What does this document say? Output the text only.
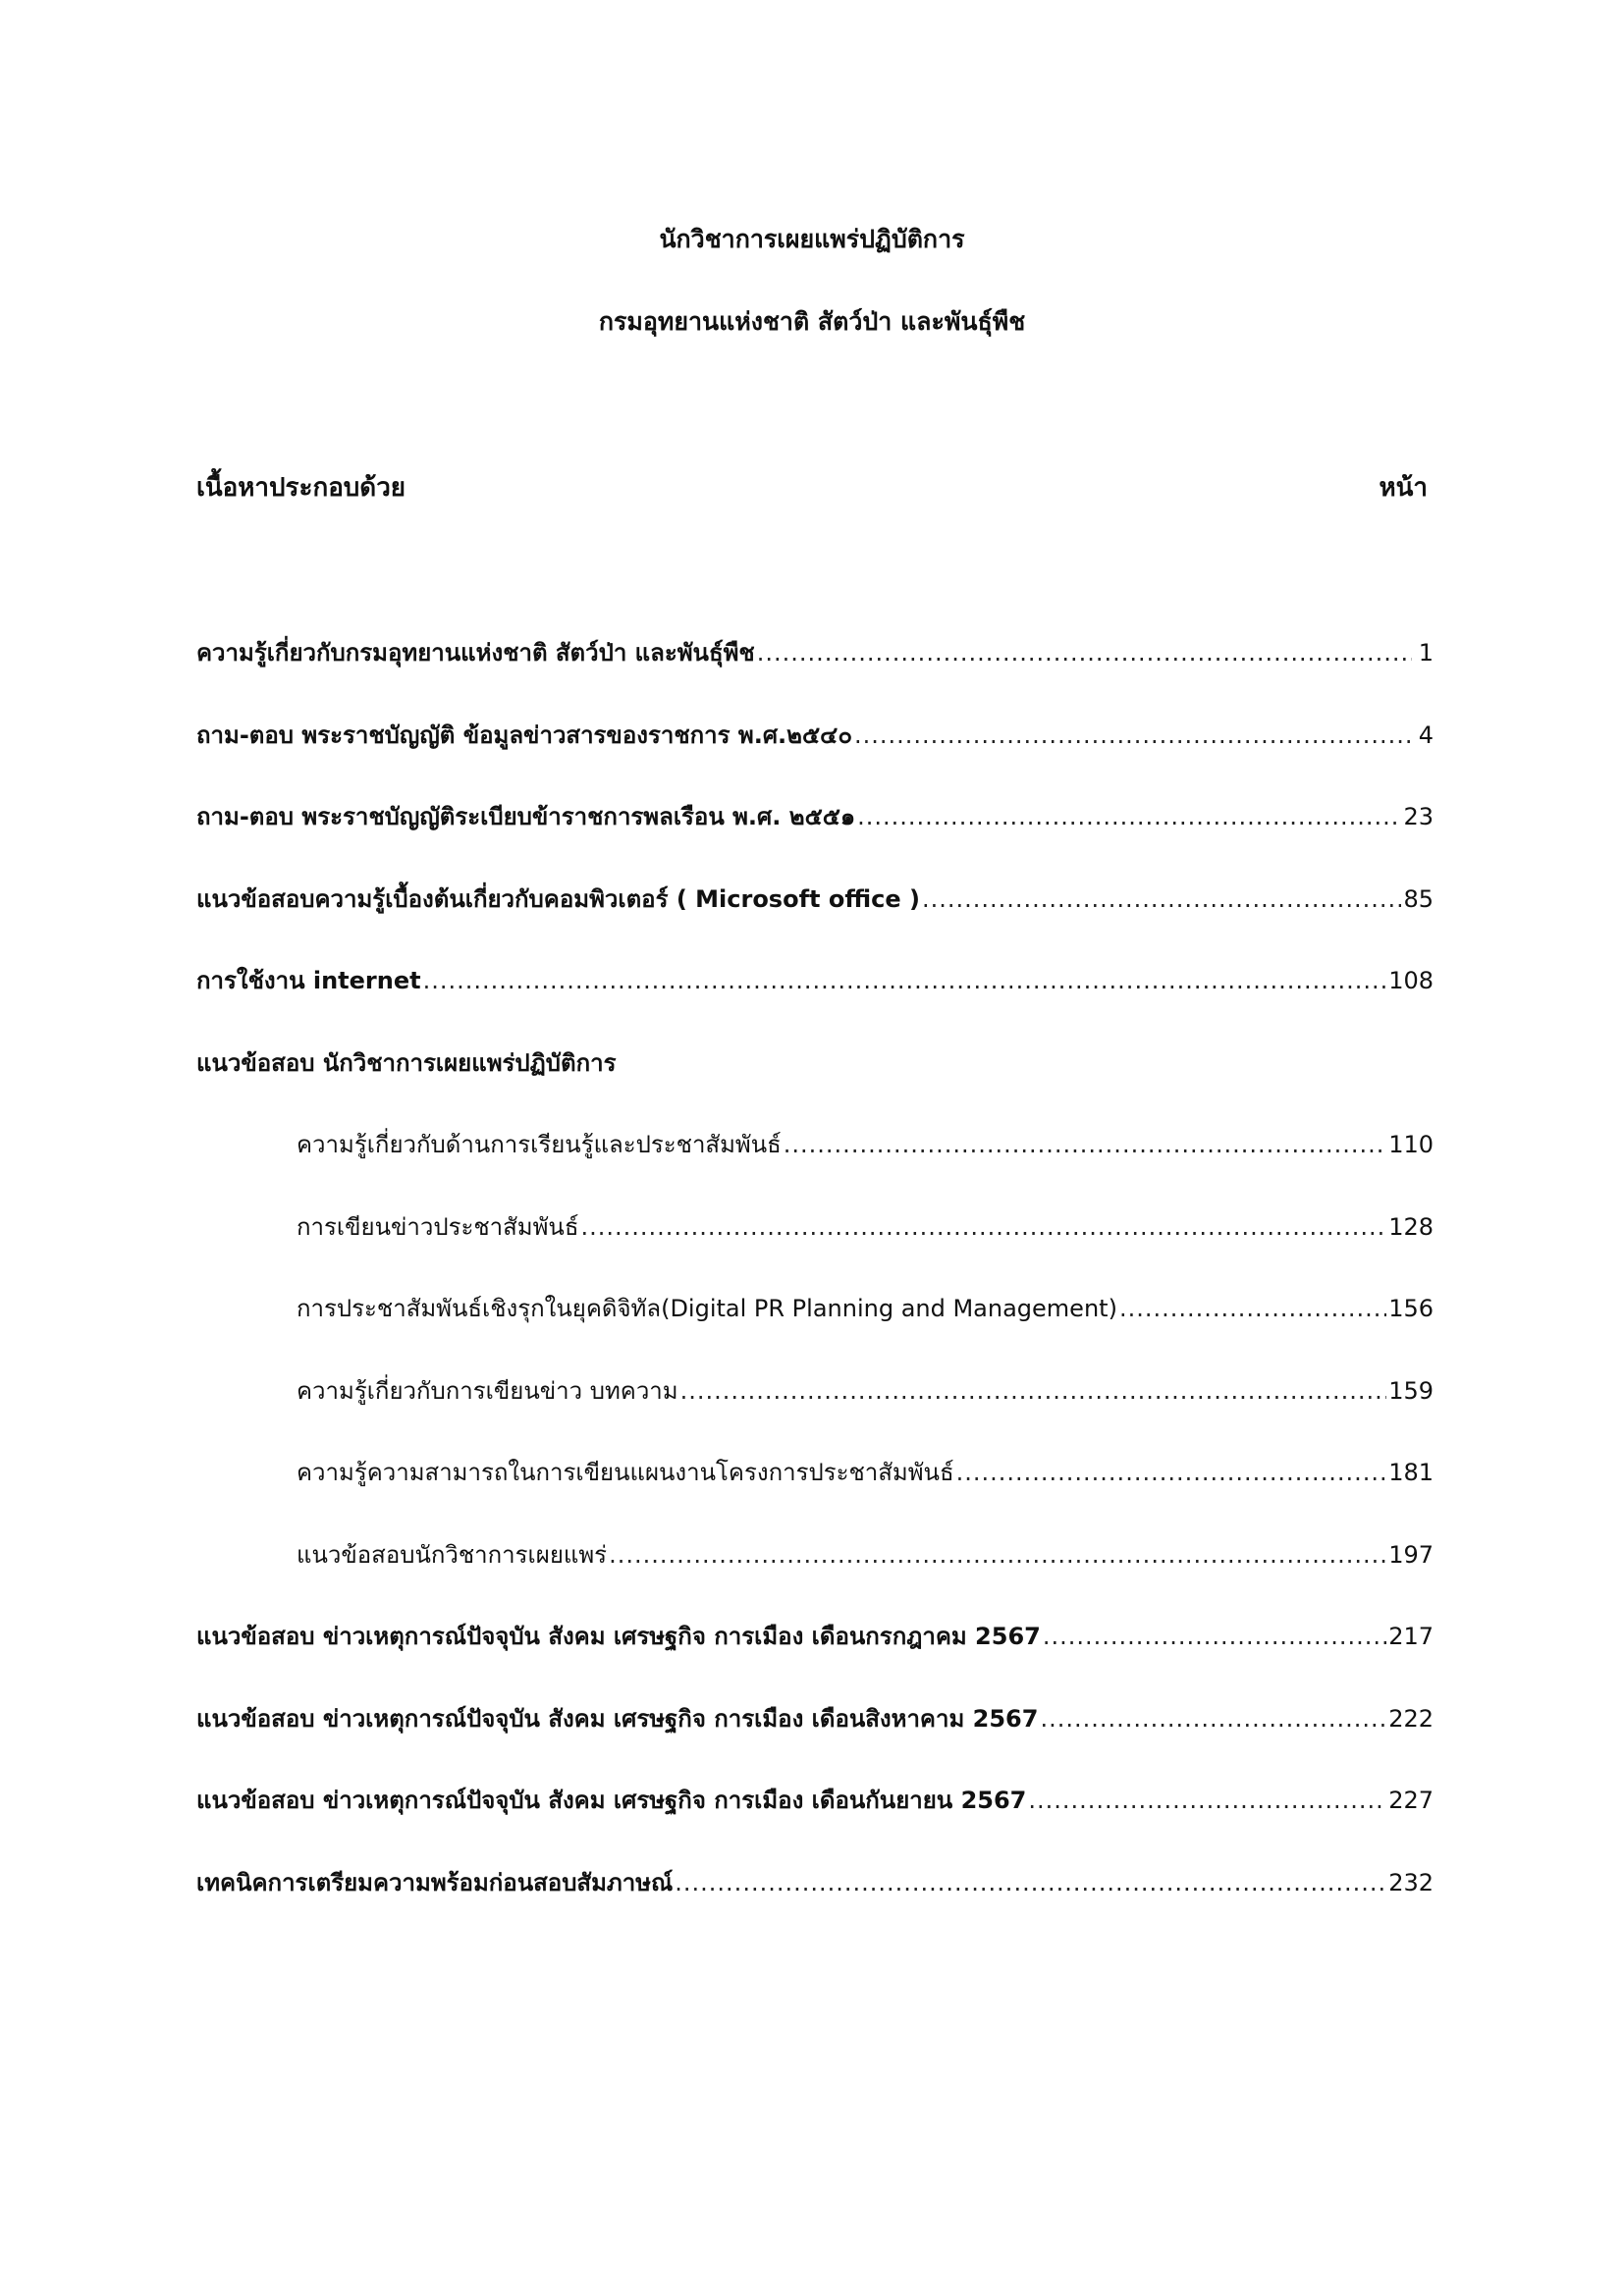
นักวิชาการเผยแพร่ปฏิบัติการ
กรมอุทยานแห่งชาติ สัตว์ป่า และพันธุ์พืช
เนื้อหาประกอบด้วย	หน้า
ความรู้เกี่ยวกับกรมอุทยานแห่งชาติ สัตว์ป่า และพันธุ์พืช .....	1
ถาม-ตอบ พระราชบัญญัติ ข้อมูลข่าวสารของราชการ พ.ศ.๒๕๔๐ .....	4
ถาม-ตอบ พระราชบัญญัติระเบียบข้าราชการพลเรือน พ.ศ. ๒๕๕๑ .....	23
แนวข้อสอบความรู้เบื้องต้นเกี่ยวกับคอมพิวเตอร์ ( Microsoft office ) .....	85
การใช้งาน internet .....	108
แนวข้อสอบ นักวิชาการเผยแพร่ปฏิบัติการ
ความรู้เกี่ยวกับด้านการเรียนรู้และประชาสัมพันธ์ .....	110
การเขียนข่าวประชาสัมพันธ์ .....	128
การประชาสัมพันธ์เชิงรุกในยุคดิจิทัล(Digital PR Planning and Management) .....	156
ความรู้เกี่ยวกับการเขียนข่าว บทความ .....	159
ความรู้ความสามารถในการเขียนแผนงานโครงการประชาสัมพันธ์ .....	181
แนวข้อสอบนักวิชาการเผยแพร่ .....	197
แนวข้อสอบ ข่าวเหตุการณ์ปัจจุบัน สังคม เศรษฐกิจ การเมือง เดือนกรกฎาคม 2567 .....	217
แนวข้อสอบ ข่าวเหตุการณ์ปัจจุบัน สังคม เศรษฐกิจ การเมือง เดือนสิงหาคาม 2567 .....	222
แนวข้อสอบ ข่าวเหตุการณ์ปัจจุบัน สังคม เศรษฐกิจ การเมือง เดือนกันยายน 2567 .....	227
เทคนิคการเตรียมความพร้อมก่อนสอบสัมภาษณ์ .....	232
